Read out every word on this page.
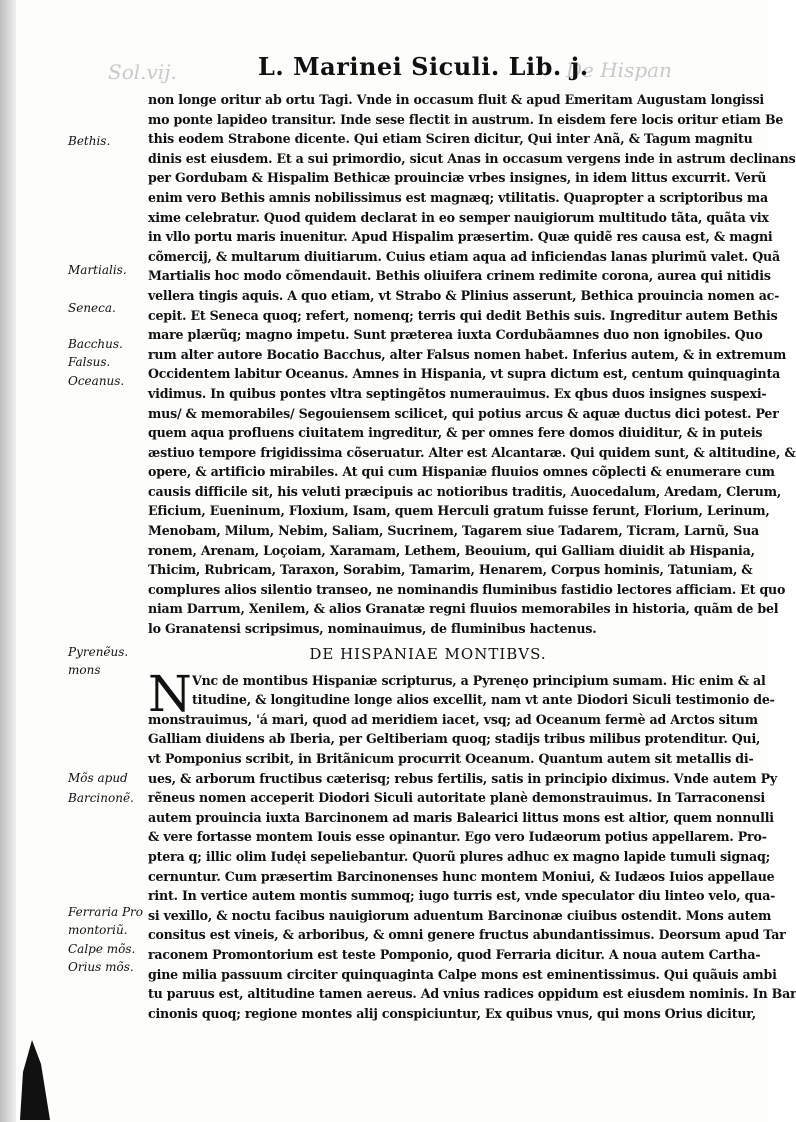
Sol.vij.	De Hispan
L. Marinei Siculi. Lib. j.
Bethis.
Martialis.
Seneca.
Bacchus.
Falsus.
Oceanus.
Pyrenẽus.
mons
Mõs apud
Barcinonẽ.
Ferraria Pro
montoriũ.
Calpe mõs.
Orius mõs.
non longe oritur ab ortu Tagi. Vnde in occasum fluit & apud Emeritam Augustam longissi
mo ponte lapideo transitur. Inde sese flectit in austrum. In eisdem fere locis oritur etiam Be
this eodem Strabone dicente. Qui etiam Sciren dicitur, Qui inter Anã, & Tagum magnitu
dinis est eiusdem. Et a sui primordio, sicut Anas in occasum vergens inde in astrum declinans
per Gordubam & Hispalim Bethicæ prouinciæ vrbes insignes, in idem littus excurrit. Verũ
enim vero Bethis amnis nobilissimus est magnæq; vtilitatis. Quapropter a scriptoribus ma
xime celebratur. Quod quidem declarat in eo semper nauigiorum multitudo tãta, quãta vix
in vllo portu maris inuenitur. Apud Hispalim præsertim. Quæ quidẽ res causa est, & magni
cõmercij, & multarum diuitiarum. Cuius etiam aqua ad inficiendas lanas plurimũ valet. Quã
Martialis hoc modo cõmendauit. Bethis oliuifera crinem redimite corona, aurea qui nitidis
vellera tingis aquis. A quo etiam, vt Strabo & Plinius asserunt, Bethica prouincia nomen ac-
cepit. Et Seneca quoq; refert, nomenq; terris qui dedit Bethis suis. Ingreditur autem Bethis
mare plærũq; magno impetu. Sunt præterea iuxta Cordubãamnes duo non ignobiles. Quo
rum alter autore Bocatio Bacchus, alter Falsus nomen habet. Inferius autem, & in extremum
Occidentem labitur Oceanus. Amnes in Hispania, vt supra dictum est, centum quinquaginta
vidimus. In quibus pontes vltra septingẽtos numerauimus. Ex qbus duos insignes suspexi-
mus/ & memorabiles/ Segouiensem scilicet, qui potius arcus & aquæ ductus dici potest. Per
quem aqua profluens ciuitatem ingreditur, & per omnes fere domos diuiditur, & in puteis
æstiuo tempore frigidissima cõseruatur. Alter est Alcantaræ. Qui quidem sunt, & altitudine, &
opere, & artificio mirabiles. At qui cum Hispaniæ fluuios omnes cõplecti & enumerare cum
causis difficile sit, his veluti præcipuis ac notioribus traditis, Auocedalum, Aredam, Clerum,
Eficium, Eueninum, Floxium, Isam, quem Herculi gratum fuisse ferunt, Florium, Lerinum,
Menobam, Milum, Nebim, Saliam, Sucrinem, Tagarem siue Tadarem, Ticram, Larnũ, Sua
ronem, Arenam, Loçoiam, Xaramam, Lethem, Beouium, qui Galliam diuidit ab Hispania,
Thicim, Rubricam, Taraxon, Sorabim, Tamarim, Henarem, Corpus hominis, Tatuniam, &
complures alios silentio transeo, ne nominandis fluminibus fastidio lectores afficiam. Et quo
niam Darrum, Xenilem, & alios Granatæ regni fluuios memorabiles in historia, quãm de bel
lo Granatensi scripsimus, nominauimus, de fluminibus hactenus.
DE HISPANIAE MONTIBVS.
N Vnc de montibus Hispaniæ scripturus, a Pyrenęo principium sumam. Hic enim & al
titudine, & longitudine longe alios excellit, nam vt ante Diodori Siculi testimonio de-
monstrauimus, 'á mari, quod ad meridiem iacet, vsq; ad Oceanum fermè ad Arctos situm
Galliam diuidens ab Iberia, per Geltiberiam quoq; stadijs tribus milibus protenditur. Qui,
vt Pomponius scribit, in Britãnicum procurrit Oceanum. Quantum autem sit metallis di-
ues, & arborum fructibus cæterisq; rebus fertilis, satis in principio diximus. Vnde autem Py
rẽneus nomen acceperit Diodori Siculi autoritate planè demonstrauimus. In Tarraconensi
autem prouincia iuxta Barcinonem ad maris Balearici littus mons est altior, quem nonnulli
& vere fortasse montem Iouis esse opinantur. Ego vero Iudæorum potius appellarem. Pro-
ptera q; illic olim Iudęi sepeliebantur. Quorũ plures adhuc ex magno lapide tumuli signaq;
cernuntur. Cum præsertim Barcinonenses hunc montem Moniui, & Iudæos Iuios appellaue
rint. In vertice autem montis summoq; iugo turris est, vnde speculator diu linteo velo, qua-
si vexillo, & noctu facibus nauigiorum aduentum Barcinonæ ciuibus ostendit. Mons autem
consitus est vineis, & arboribus, & omni genere fructus abundantissimus. Deorsum apud Tar
raconem Promontorium est teste Pomponio, quod Ferraria dicitur. A noua autem Cartha-
gine milia passuum circiter quinquaginta Calpe mons est eminentissimus. Qui quãuis ambi
tu paruus est, altitudine tamen aereus. Ad vnius radices oppidum est eiusdem nominis. In Bar
cinonis quoq; regione montes alij conspiciuntur, Ex quibus vnus, qui mons Orius dicitur,
